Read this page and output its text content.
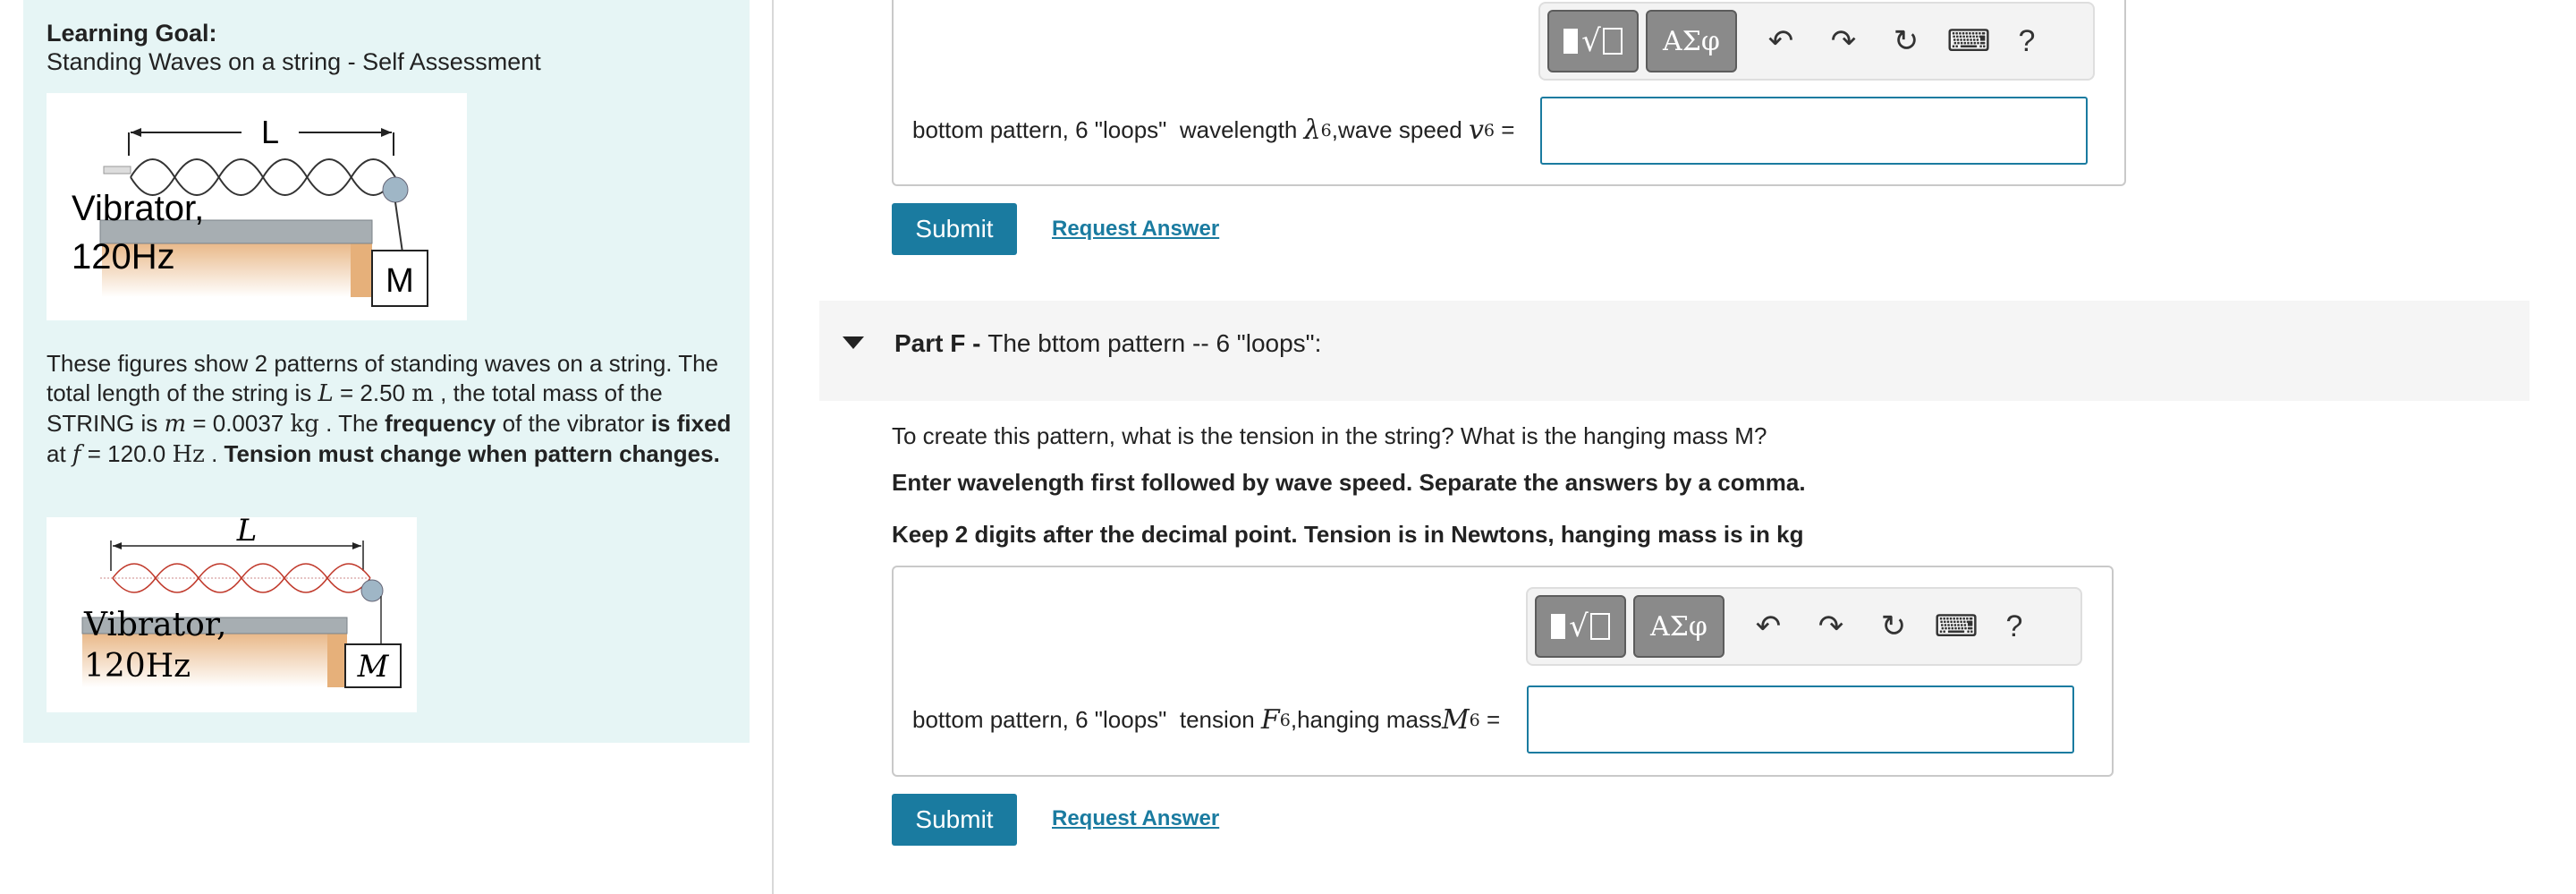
Learning Goal:
Standing Waves on a string - Self Assessment
L
M
Vibrator,
120Hz
These figures show 2 patterns of standing waves on a string. The total length of the string is L = 2.50 m , the total mass of the STRING is m = 0.0037 kg . The frequency of the vibrator is fixed at f = 120.0 Hz . Tension must change when pattern changes.
L
M
Vibrator,
120Hz
√	ΑΣφ	↶	↷	↻ ⌨ ?
bottom pattern, 6 "loops"  wavelength λ 6 ,wave speed v 6 =
Submit	Request Answer
Part F - The bttom pattern -- 6 "loops":
To create this pattern, what is the tension in the string? What is the hanging mass M?
Enter wavelength first followed by wave speed. Separate the answers by a comma.
Keep 2 digits after the decimal point. Tension is in Newtons, hanging mass is in kg
√	ΑΣφ	↶	↷	↻ ⌨ ?
bottom pattern, 6 "loops"  tension F 6 ,hanging mass M 6 =
Submit	Request Answer
